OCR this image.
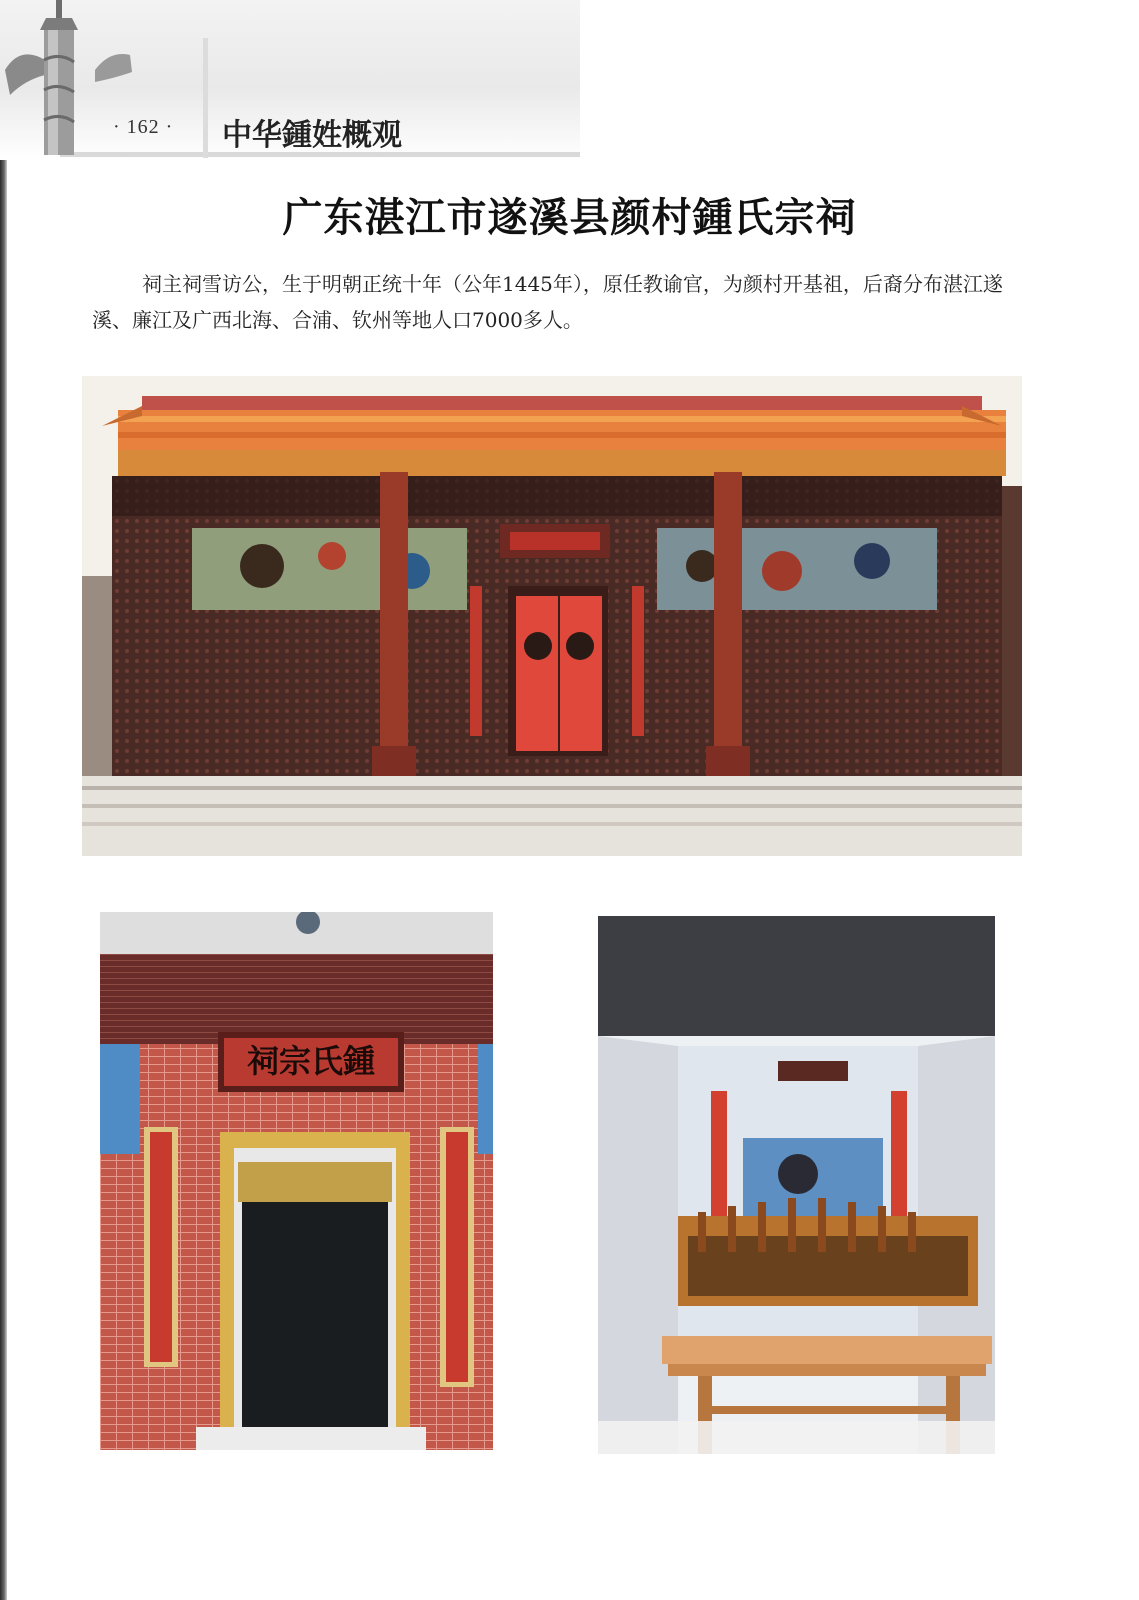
· 162 · 中华鍾姓概观
广东湛江市遂溪县颜村鍾氏宗祠

祠主祠雪访公，生于明朝正统十年（公年1445年），原任教谕官，为颜村开基祖，后裔分布湛江遂溪、廉江及广西北海、合浦、钦州等地人口7000多人。

祠宗氏鍾
